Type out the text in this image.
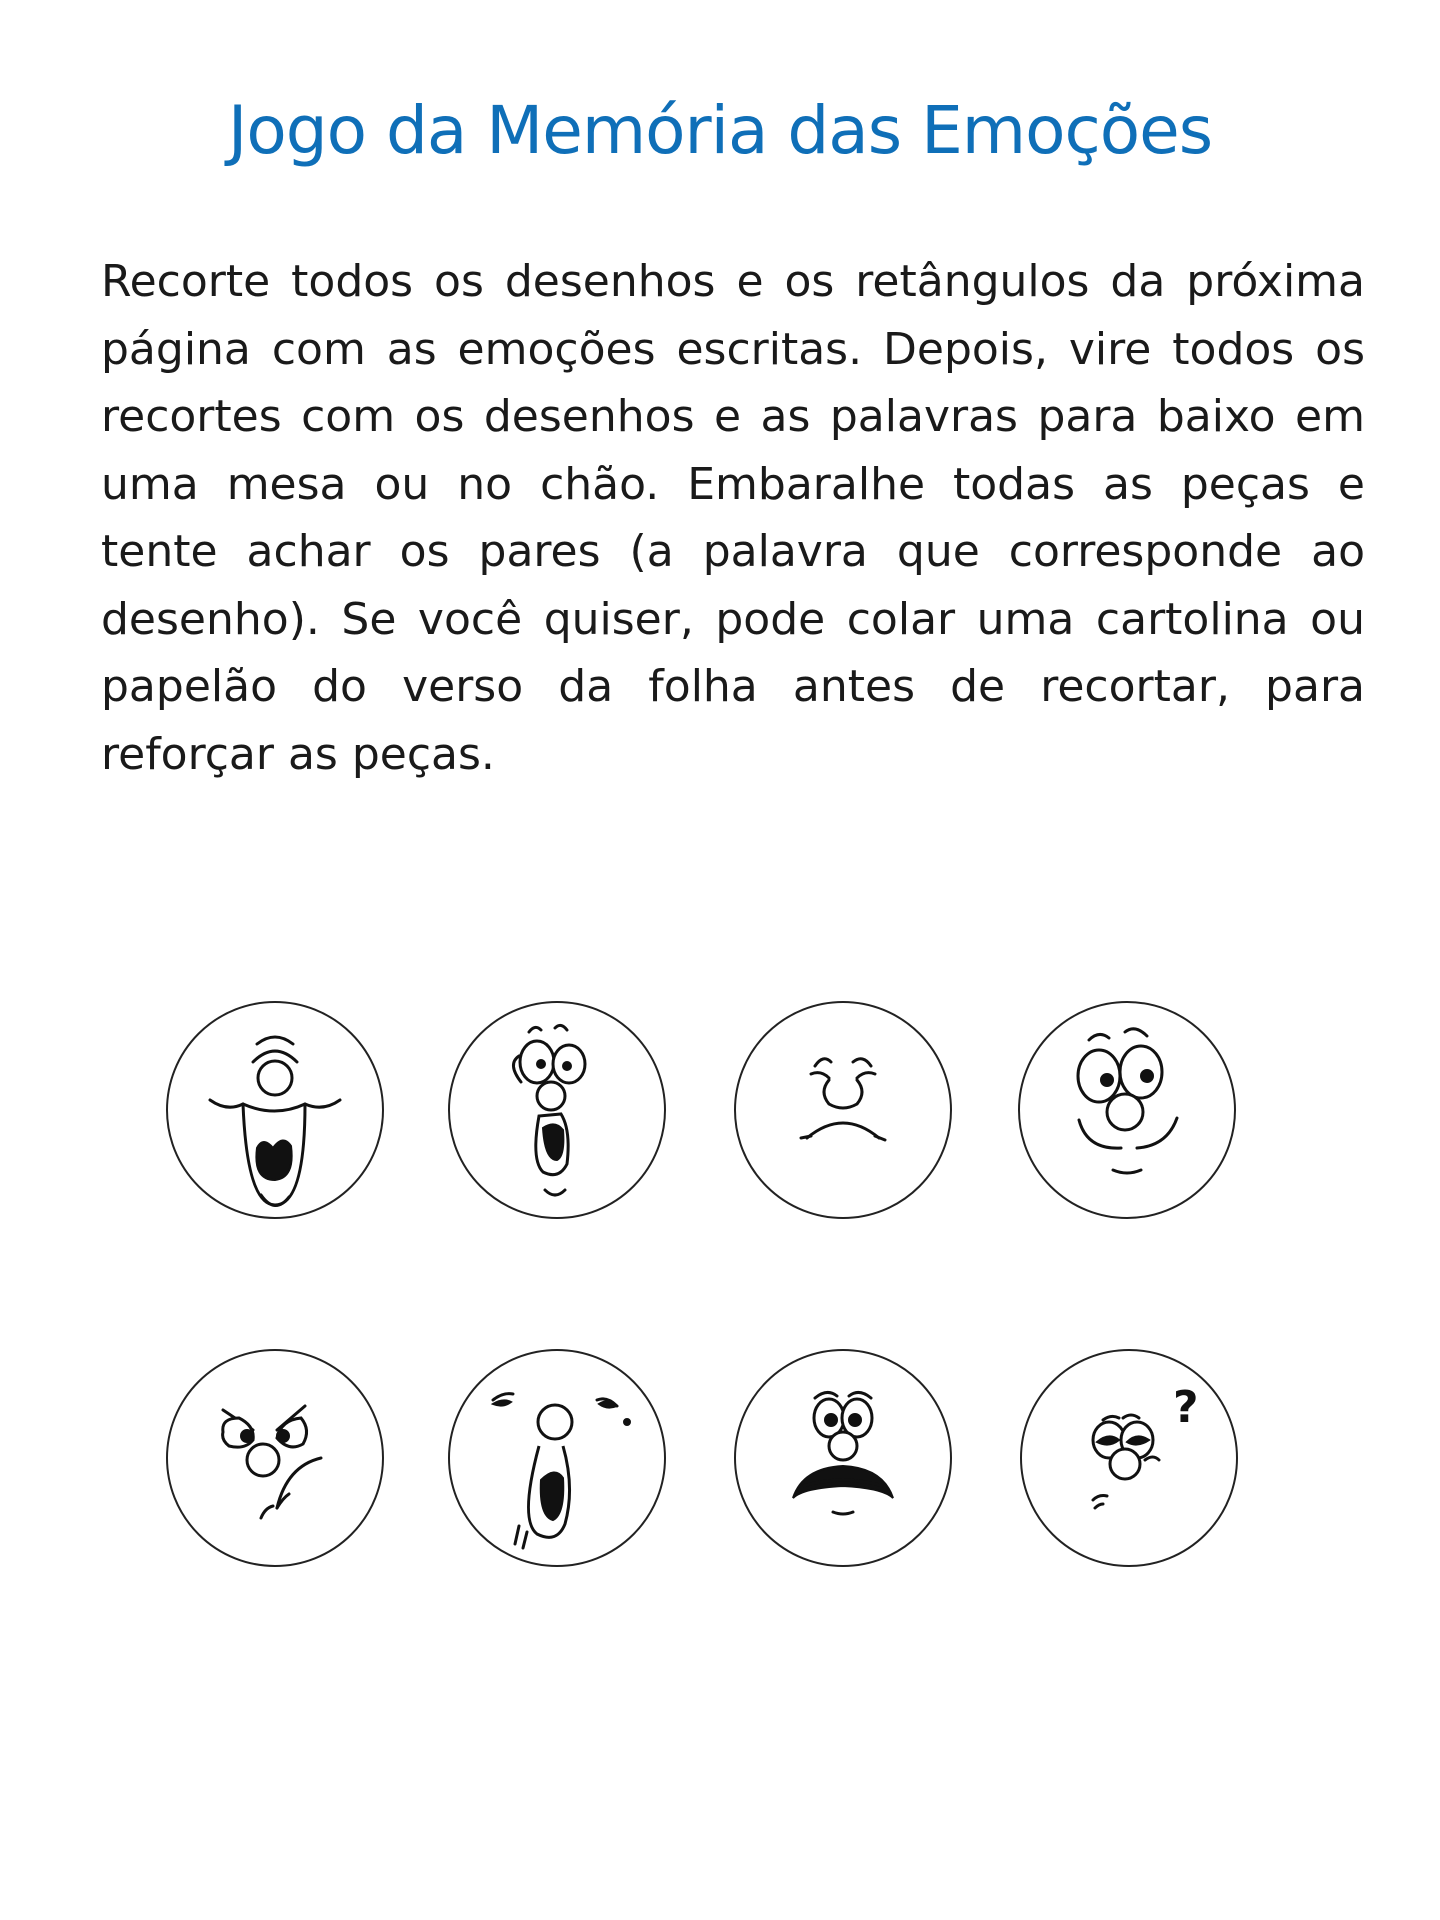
Jogo da Memória das Emoções

Recorte todos os desenhos e os retângulos da próxima página com as emoções escritas. Depois, vire todos os recortes com os desenhos e as palavras para baixo em uma mesa ou no chão. Embaralhe todas as peças e tente achar os pares (a palavra que corresponde ao desenho). Se você quiser, pode colar uma cartolina ou papelão do verso da folha antes de recortar, para reforçar as peças.

?
